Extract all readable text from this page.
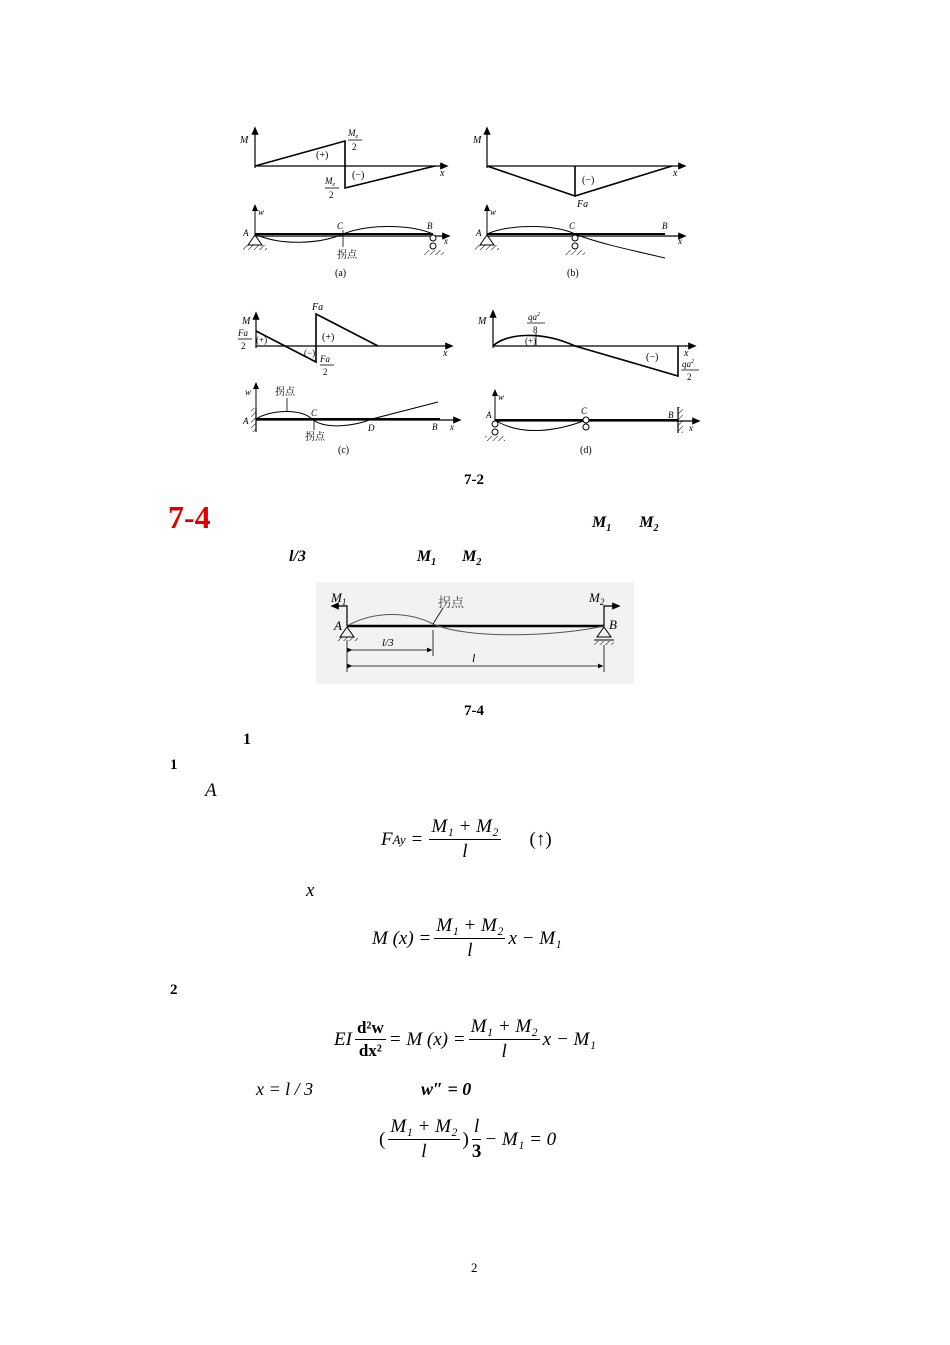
M
x
(+)
(−)
$M_e$
2
$M_e$
2
w
A
C	B
x
拐点
(a)
M
x
(−)
Fa
w
A
C	B
x
(b)
M
x
Fa
2
(+)
Fa
(+)
(−)
Fa
2
w
A
拐点
C
拐点
D	B x
(c)
M
x
$qa^2$
8
(+)
(−)
$qa^2$
2
w
A	C	B
x
(d)
7-2
7-4	$M_1$ $M_2$
l/3	$M_1$ $M_2$
$M_1$	$M_2$
A	B
拐点
l/3
l
7-4
1
1
A
F $Ay = \frac{\text{M₁ + M₂}}{l}$ (↑)
x
M $(x) = \frac{\text{M₁ + M₂}}{l}$ x − M₁
2
EI $\frac{\text{d²w}}{\text{dx²}} = M$ $(x) = \frac{\text{M₁ + M₂}}{l}$ x − M₁
x = l / 3	w″ = 0
( $\frac{\text{M₁ + M₂}}{l}$ ) $\frac{l}{3} - M_1 = 0$
2
